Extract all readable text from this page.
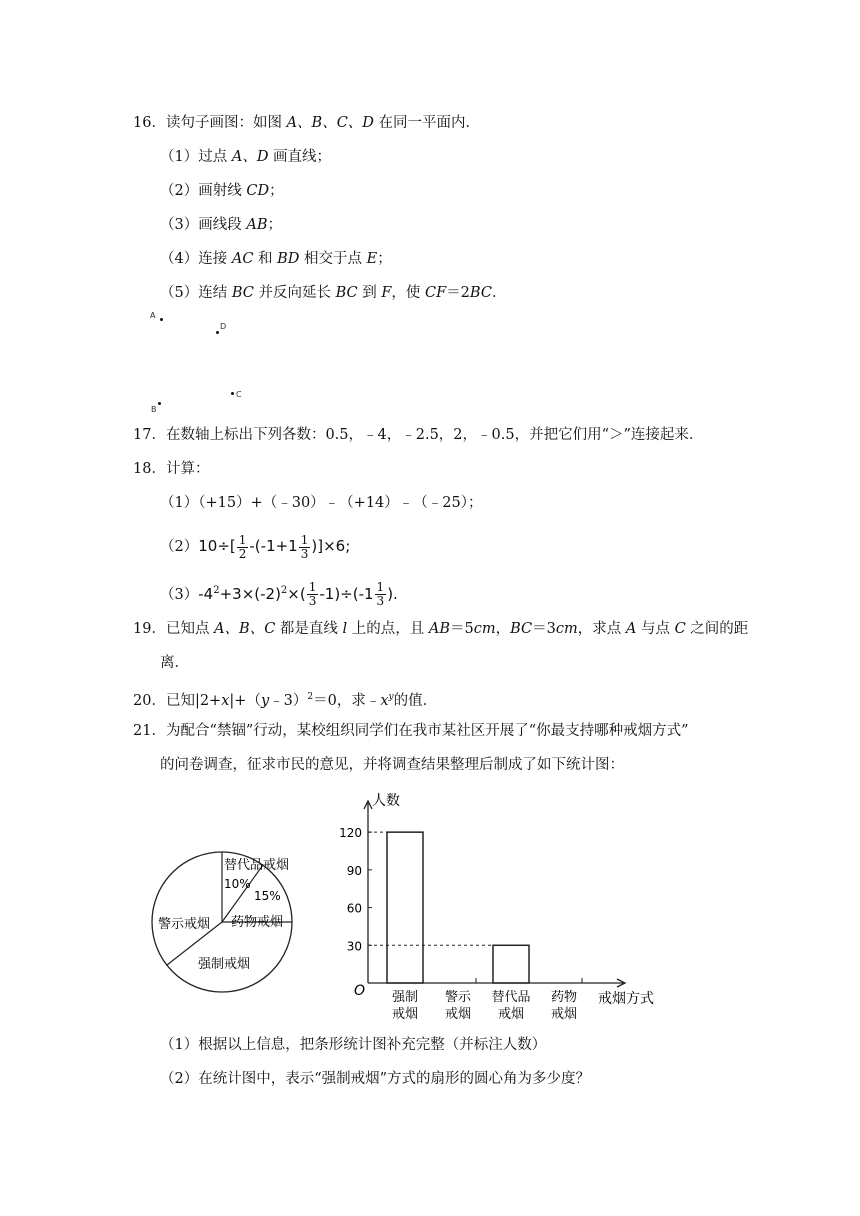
16．读句子画图：如图 A、B、C、D 在同一平面内．
（1）过点 A、D 画直线；
（2）画射线 CD；
（3）画线段 AB；
（4）连接 AC 和 BD 相交于点 E；
（5）连结 BC 并反向延长 BC 到 F，使 CF＝2BC．
A
D
C
B
17．在数轴上标出下列各数：0.5，﹣4，﹣2.5，2，﹣0.5，并把它们用“＞”连接起来．
18．计算：
（1）（+15）+（﹣30）﹣（+14）﹣（﹣25）；
$(2)10\div[ \frac{1}{2} -(-1+1 \frac{1}{3} )]\times 6$;
$(3)-4^2+3\times(-2)^2\times( \frac{1}{3} -1)\div(-1 \frac{1}{3}$ ).
19．已知点 A、B、C 都是直线 l 上的点，且 AB＝5cm，BC＝3cm，求点 A 与点 C 之间的距
离．
20．已知|2+x|+（y﹣3）$^2$＝0，求$﹣x^y$的值．
21．为配合“禁锢”行动，某校组织同学们在我市某社区开展了“你最支持哪种戒烟方式”
的问卷调查，征求市民的意见，并将调查结果整理后制成了如下统计图：
10%
15%
替代品戒烟
药物戒烟
警示戒烟
强制戒烟
人数
戒烟方式
O
30
60
90
120
强制
戒烟
警示
戒烟
替代品
戒烟
药物
戒烟
（1）根据以上信息，把条形统计图补充完整（并标注人数）
（2）在统计图中，表示“强制戒烟”方式的扇形的圆心角为多少度？
